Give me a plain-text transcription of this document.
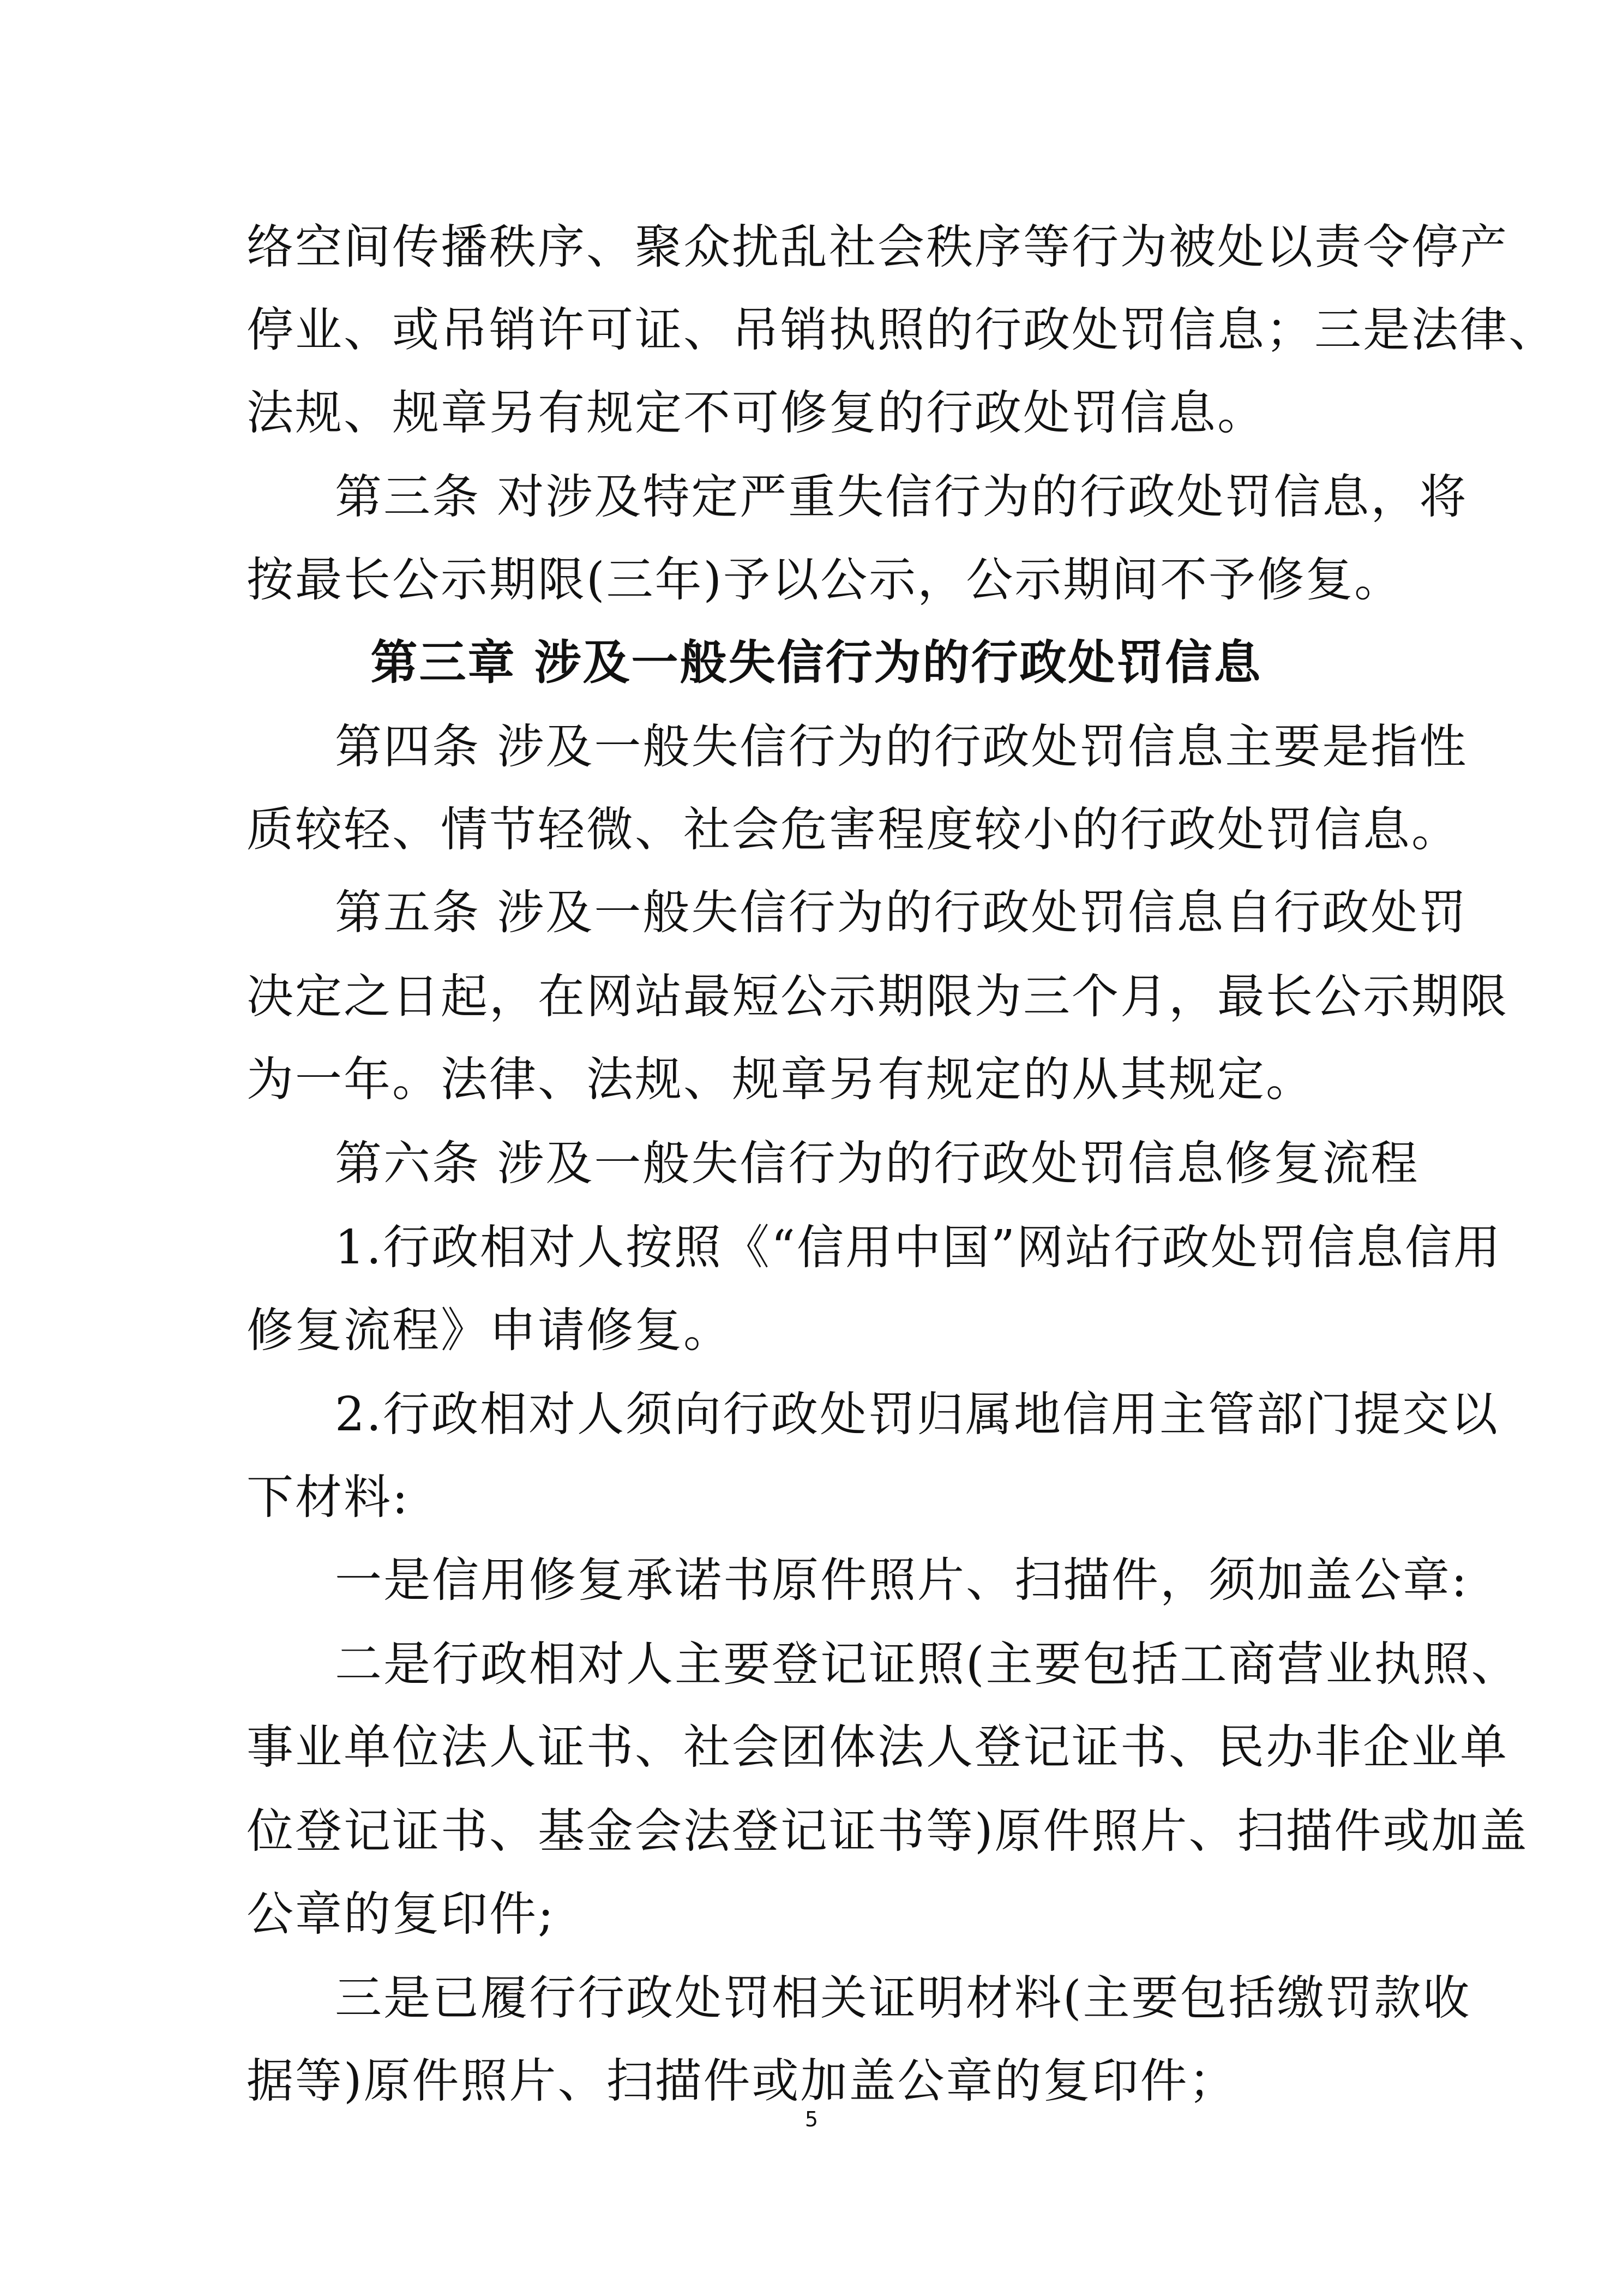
络空间传播秩序、聚众扰乱社会秩序等行为被处以责令停产
停业、或吊销许可证、吊销执照的行政处罚信息；三是法律、
法规、规章另有规定不可修复的行政处罚信息。
第三条 对涉及特定严重失信行为的行政处罚信息，将
按最长公示期限(三年)予以公示，公示期间不予修复。
第三章 涉及一般失信行为的行政处罚信息
第四条 涉及一般失信行为的行政处罚信息主要是指性
质较轻、情节轻微、社会危害程度较小的行政处罚信息。
第五条 涉及一般失信行为的行政处罚信息自行政处罚
决定之日起，在网站最短公示期限为三个月，最长公示期限
为一年。法律、法规、规章另有规定的从其规定。
第六条 涉及一般失信行为的行政处罚信息修复流程
1.行政相对人按照《“信用中国”网站行政处罚信息信用
修复流程》申请修复。
2.行政相对人须向行政处罚归属地信用主管部门提交以
下材料:
一是信用修复承诺书原件照片、扫描件，须加盖公章:
二是行政相对人主要登记证照(主要包括工商营业执照、
事业单位法人证书、社会团体法人登记证书、民办非企业单
位登记证书、基金会法登记证书等)原件照片、扫描件或加盖
公章的复印件;
三是已履行行政处罚相关证明材料(主要包括缴罚款收
据等)原件照片、扫描件或加盖公章的复印件；
5
